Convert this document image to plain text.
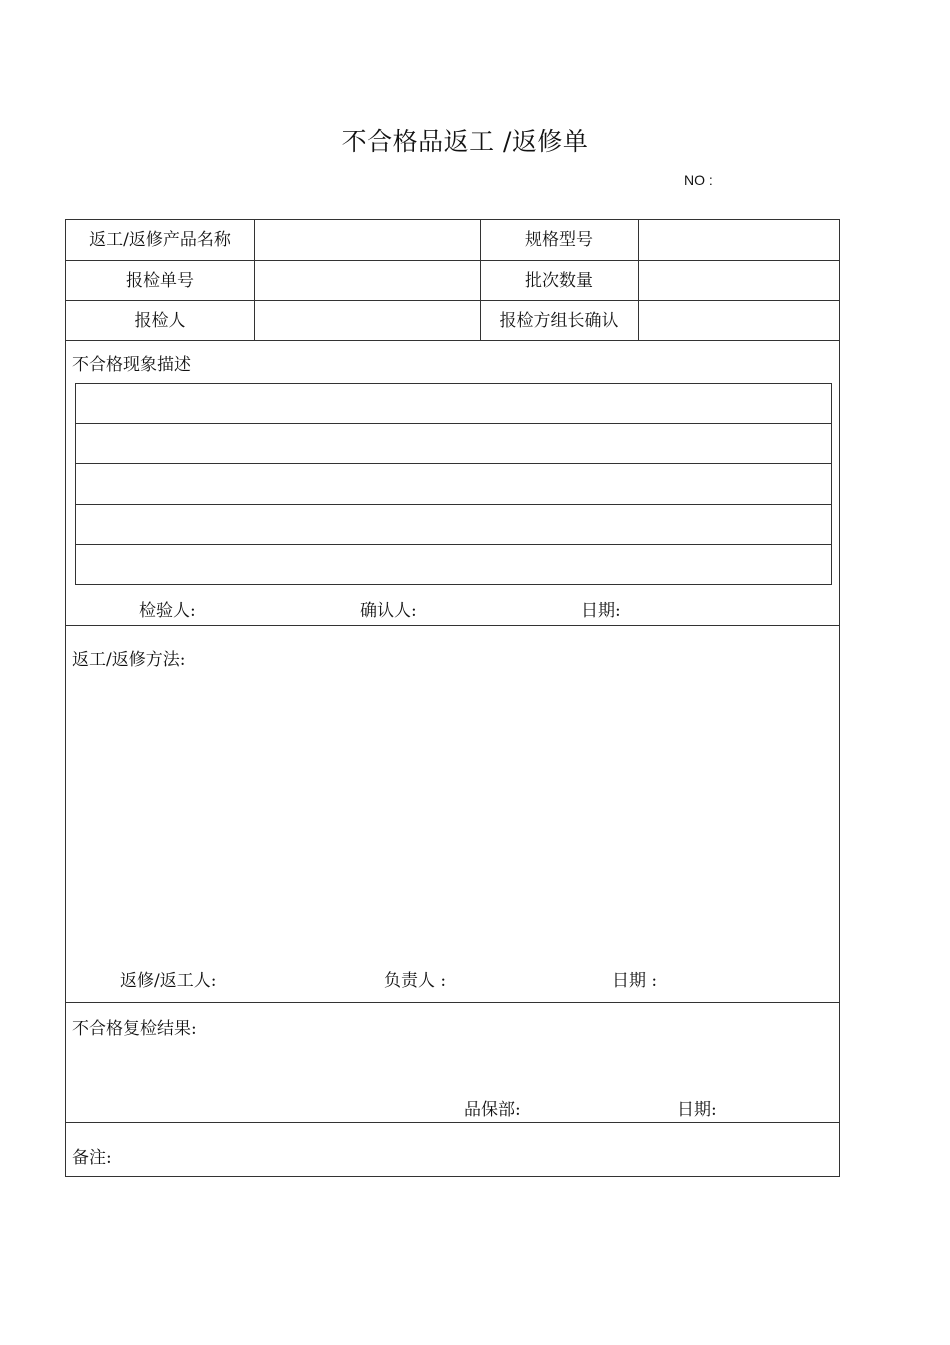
不合格品返工 /返修单
NO :
返工/返修产品名称	规格型号
报检单号	批次数量
报检人	报检方组长确认
不合格现象描述
检验人:	确认人:	日期:
返工/返修方法:
返修/返工人:	负责人 :	日期 :
不合格复检结果:
品保部:	日期:
备注:
